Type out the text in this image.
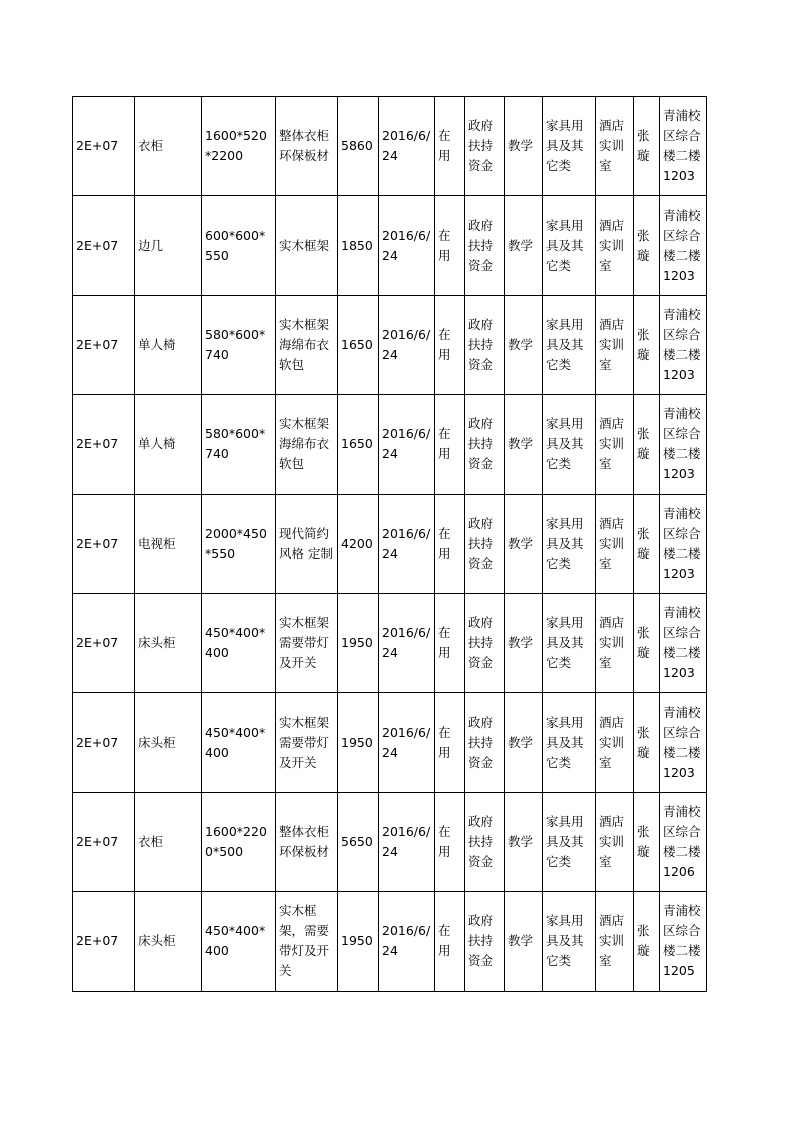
2E+07	衣柜	1600*520*2200	整体衣柜环保板材	5860	2016/6/24	在用	政府扶持资金	教学	家具用具及其它类	酒店实训室	张璇	青浦校区综合楼二楼1203
2E+07	边几	600*600*550	实木框架	1850	2016/6/24	在用	政府扶持资金	教学	家具用具及其它类	酒店实训室	张璇	青浦校区综合楼二楼1203
2E+07	单人椅	580*600*740	实木框架海绵布衣软包	1650	2016/6/24	在用	政府扶持资金	教学	家具用具及其它类	酒店实训室	张璇	青浦校区综合楼二楼1203
2E+07	单人椅	580*600*740	实木框架海绵布衣软包	1650	2016/6/24	在用	政府扶持资金	教学	家具用具及其它类	酒店实训室	张璇	青浦校区综合楼二楼1203
2E+07	电视柜	2000*450*550	现代简约风格 定制	4200	2016/6/24	在用	政府扶持资金	教学	家具用具及其它类	酒店实训室	张璇	青浦校区综合楼二楼1203
2E+07	床头柜	450*400*400	实木框架需要带灯及开关	1950	2016/6/24	在用	政府扶持资金	教学	家具用具及其它类	酒店实训室	张璇	青浦校区综合楼二楼1203
2E+07	床头柜	450*400*400	实木框架需要带灯及开关	1950	2016/6/24	在用	政府扶持资金	教学	家具用具及其它类	酒店实训室	张璇	青浦校区综合楼二楼1203
2E+07	衣柜	1600*2200*500	整体衣柜环保板材	5650	2016/6/24	在用	政府扶持资金	教学	家具用具及其它类	酒店实训室	张璇	青浦校区综合楼二楼1206
2E+07	床头柜	450*400*400	实木框架，需要带灯及开关	1950	2016/6/24	在用	政府扶持资金	教学	家具用具及其它类	酒店实训室	张璇	青浦校区综合楼二楼1205
